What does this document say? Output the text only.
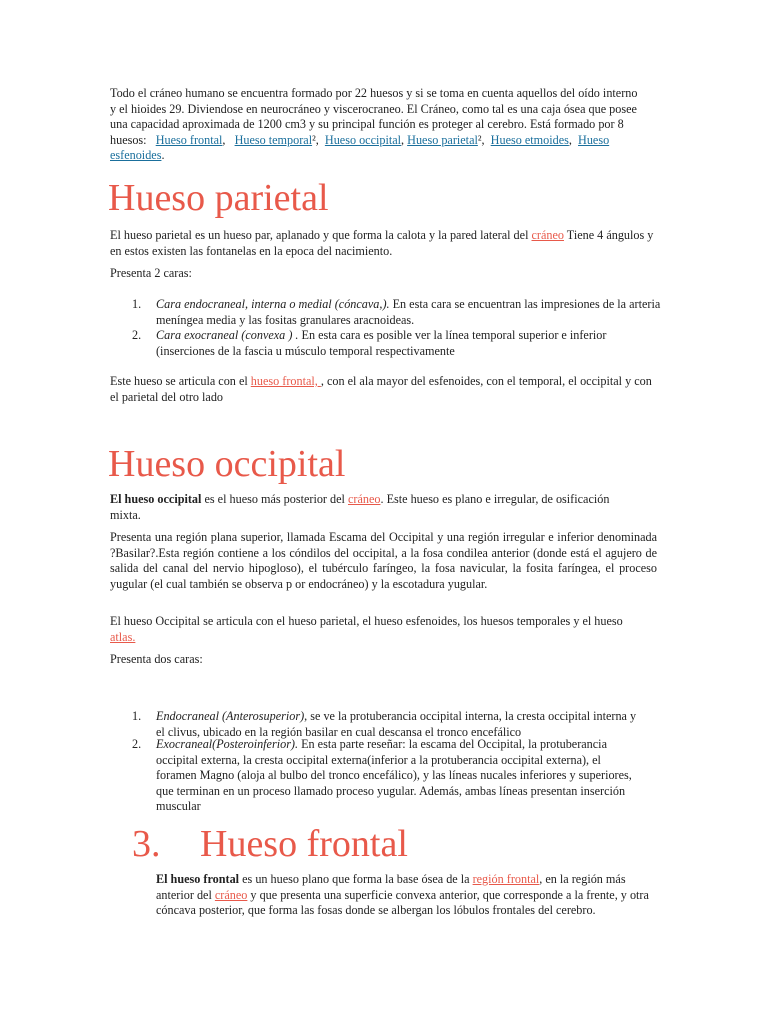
Todo el cráneo humano se encuentra formado por 22 huesos y si se toma en cuenta aquellos del oído interno y el hioides 29. Diviendose en neurocráneo y viscerocraneo. El Cráneo, como tal es una caja ósea que posee una capacidad aproximada de 1200 cm3 y su principal función es proteger al cerebro. Está formado por 8 huesos:   Hueso frontal, Hueso temporal², Hueso occipital, Hueso parietal², Hueso etmoides, Hueso esfenoides.

Hueso parietal

El hueso parietal es un hueso par, aplanado y que forma la calota y la pared lateral del cráneo Tiene 4 ángulos y en estos existen las fontanelas en la epoca del nacimiento.

Presenta 2 caras:

1. Cara endocraneal, interna o medial (cóncava,). En esta cara se encuentran las impresiones de la arteria meníngea media y las fositas granulares aracnoideas.

2. Cara exocraneal (convexa ) . En esta cara es posible ver la línea temporal superior e inferior (inserciones de la fascia u músculo temporal respectivamente

Este hueso se articula con el hueso frontal, , con el ala mayor del esfenoides, con el temporal, el occipital y con el parietal del otro lado

Hueso occipital

El hueso occipital es el hueso más posterior del cráneo. Este hueso es plano e irregular, de osificación mixta.

Presenta una región plana superior, llamada Escama del Occipital y una región irregular e inferior denominada ?Basilar?.Esta región contiene a los cóndilos del occipital, a la fosa condilea anterior (donde está el agujero de salida del canal del nervio hipogloso), el tubérculo faríngeo, la fosa navicular, la fosita faríngea, el proceso yugular (el cual también se observa p or endocráneo) y la escotadura yugular.

El hueso Occipital se articula con el hueso parietal, el hueso esfenoides, los huesos temporales y el hueso atlas.

Presenta dos caras:

1. Endocraneal (Anterosuperior), se ve la protuberancia occipital interna, la cresta occipital interna y el clivus, ubicado en la región basilar en cual descansa el tronco encefálico

2. Exocraneal(Posteroinferior). En esta parte reseñar: la escama del Occipital, la protuberancia occipital externa, la cresta occipital externa(inferior a la protuberancia occipital externa), el foramen Magno (aloja al bulbo del tronco encefálico), y las líneas nucales inferiores y superiores, que terminan en un proceso llamado proceso yugular. Además, ambas líneas presentan inserción muscular

3. Hueso frontal

El hueso frontal es un hueso plano que forma la base ósea de la región frontal, en la región más anterior del cráneo y que presenta una superficie convexa anterior, que corresponde a la frente, y otra cóncava posterior, que forma las fosas donde se albergan los lóbulos frontales del cerebro.
